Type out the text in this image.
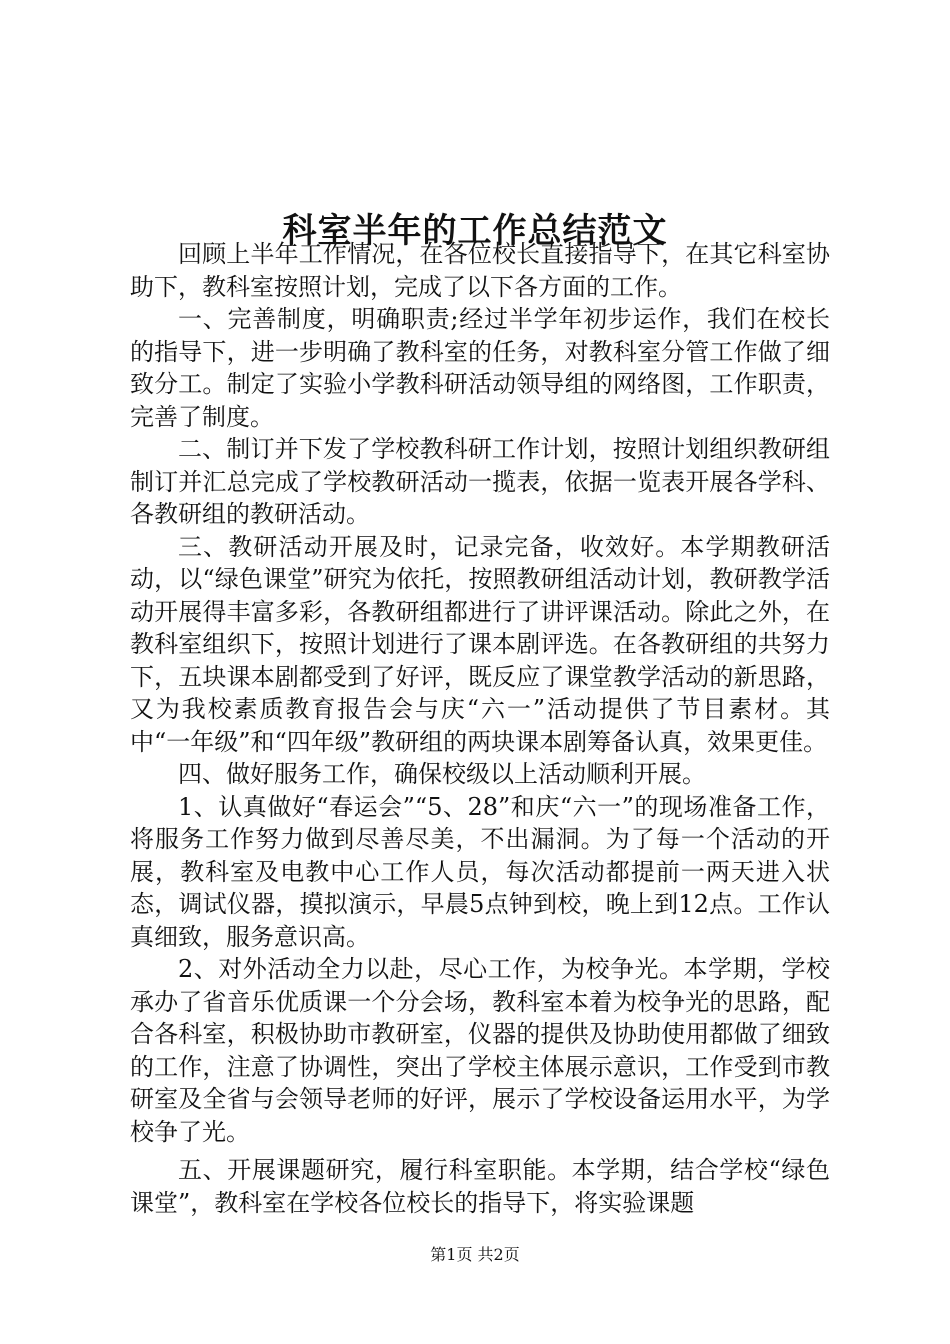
科室半年的工作总结范文

回顾上半年工作情况，在各位校长直接指导下，在其它科室协助下，教科室按照计划，完成了以下各方面的工作。

一、完善制度，明确职责;经过半学年初步运作，我们在校长的指导下，进一步明确了教科室的任务，对教科室分管工作做了细致分工。制定了实验小学教科研活动领导组的网络图，工作职责，完善了制度。

二、制订并下发了学校教科研工作计划，按照计划组织教研组制订并汇总完成了学校教研活动一揽表，依据一览表开展各学科、各教研组的教研活动。

三、教研活动开展及时，记录完备，收效好。本学期教研活动，以“绿色课堂”研究为依托，按照教研组活动计划，教研教学活动开展得丰富多彩，各教研组都进行了讲评课活动。除此之外，在教科室组织下，按照计划进行了课本剧评选。在各教研组的共努力下，五块课本剧都受到了好评，既反应了课堂教学活动的新思路，又为我校素质教育报告会与庆“六一”活动提供了节目素材。其中“一年级”和“四年级”教研组的两块课本剧筹备认真，效果更佳。

四、做好服务工作，确保校级以上活动顺利开展。

1、认真做好“春运会”“5、28”和庆“六一”的现场准备工作，将服务工作努力做到尽善尽美，不出漏洞。为了每一个活动的开展，教科室及电教中心工作人员，每次活动都提前一两天进入状态，调试仪器，摸拟演示，早晨5点钟到校，晚上到12点。工作认真细致，服务意识高。

2、对外活动全力以赴，尽心工作，为校争光。本学期，学校承办了省音乐优质课一个分会场，教科室本着为校争光的思路，配合各科室，积极协助市教研室，仪器的提供及协助使用都做了细致的工作，注意了协调性，突出了学校主体展示意识，工作受到市教研室及全省与会领导老师的好评，展示了学校设备运用水平，为学校争了光。

五、开展课题研究，履行科室职能。本学期，结合学校“绿色课堂”，教科室在学校各位校长的指导下，将实验课题

第1页 共2页
